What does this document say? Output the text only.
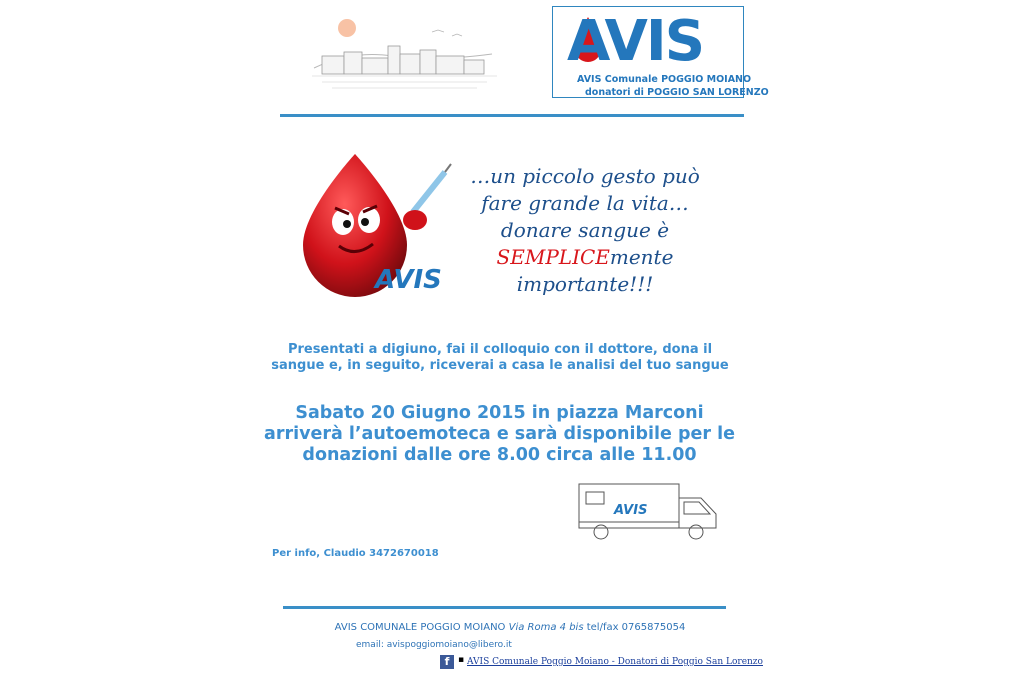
AVIS
AVIS Comunale POGGIO MOIANO
donatori di POGGIO SAN LORENZO
AVIS
…un piccolo gesto può
fare grande la vita…
donare sangue è
SEMPLICEmente
importante!!!
Presentati a digiuno, fai il colloquio con il dottore, dona il sangue e, in seguito, riceverai a casa le analisi del tuo sangue
Sabato 20 Giugno 2015 in piazza Marconi arriverà l’autoemoteca e sarà disponibile per le donazioni dalle ore 8.00 circa alle 11.00
AVIS
Per info, Claudio 3472670018
AVIS COMUNALE POGGIO MOIANO Via Roma 4 bis tel/fax 0765875054
email: avispoggiomoiano@libero.it
f ▪ AVIS Comunale Poggio Moiano - Donatori di Poggio San Lorenzo
